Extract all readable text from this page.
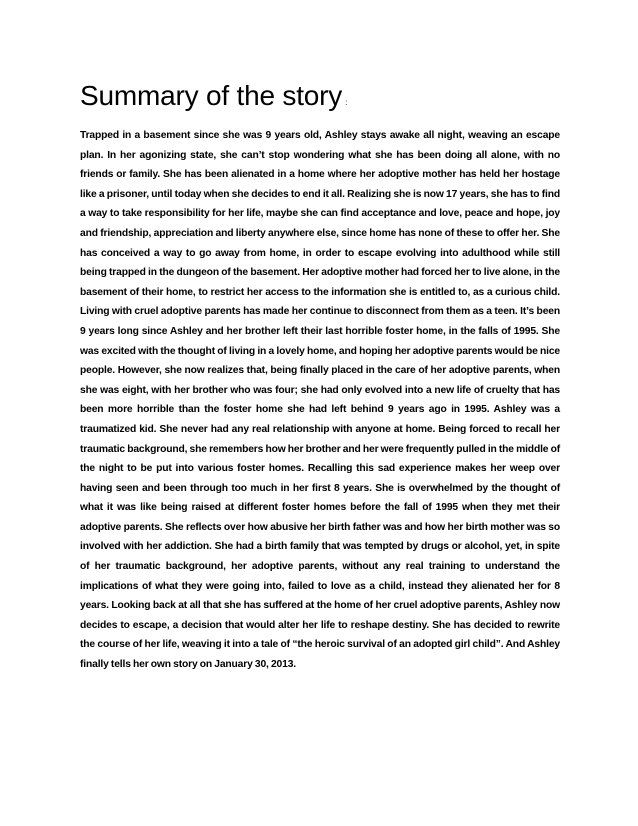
Summary of the story :

Trapped in a basement since she was 9 years old, Ashley stays awake all night, weaving an escape plan. In her agonizing state, she can’t stop wondering what she has been doing all alone, with no friends or family. She has been alienated in a home where her adoptive mother has held her hostage like a prisoner, until today when she decides to end it all. Realizing she is now 17 years, she has to find a way to take responsibility for her life, maybe she can find acceptance and love, peace and hope, joy and friendship, appreciation and liberty anywhere else, since home has none of these to offer her. She has conceived a way to go away from home, in order to escape evolving into adulthood while still being trapped in the dungeon of the basement. Her adoptive mother had forced her to live alone, in the basement of their home, to restrict her access to the information she is entitled to, as a curious child. Living with cruel adoptive parents has made her continue to disconnect from them as a teen. It’s been 9 years long since Ashley and her brother left their last horrible foster home, in the falls of 1995. She was excited with the thought of living in a lovely home, and hoping her adoptive parents would be nice people. However, she now realizes that, being finally placed in the care of her adoptive parents, when she was eight, with her brother who was four; she had only evolved into a new life of cruelty that has been more horrible than the foster home she had left behind 9 years ago in 1995. Ashley was a traumatized kid. She never had any real relationship with anyone at home. Being forced to recall her traumatic background, she remembers how her brother and her were frequently pulled in the middle of the night to be put into various foster homes. Recalling this sad experience makes her weep over having seen and been through too much in her first 8 years. She is overwhelmed by the thought of what it was like being raised at different foster homes before the fall of 1995 when they met their adoptive parents. She reflects over how abusive her birth father was and how her birth mother was so involved with her addiction. She had a birth family that was tempted by drugs or alcohol, yet, in spite of her traumatic background, her adoptive parents, without any real training to understand the implications of what they were going into, failed to love as a child, instead they alienated her for 8 years. Looking back at all that she has suffered at the home of her cruel adoptive parents, Ashley now decides to escape, a decision that would alter her life to reshape destiny. She has decided to rewrite the course of her life, weaving it into a tale of “the heroic survival of an adopted girl child”. And Ashley finally tells her own story on January 30, 2013.
